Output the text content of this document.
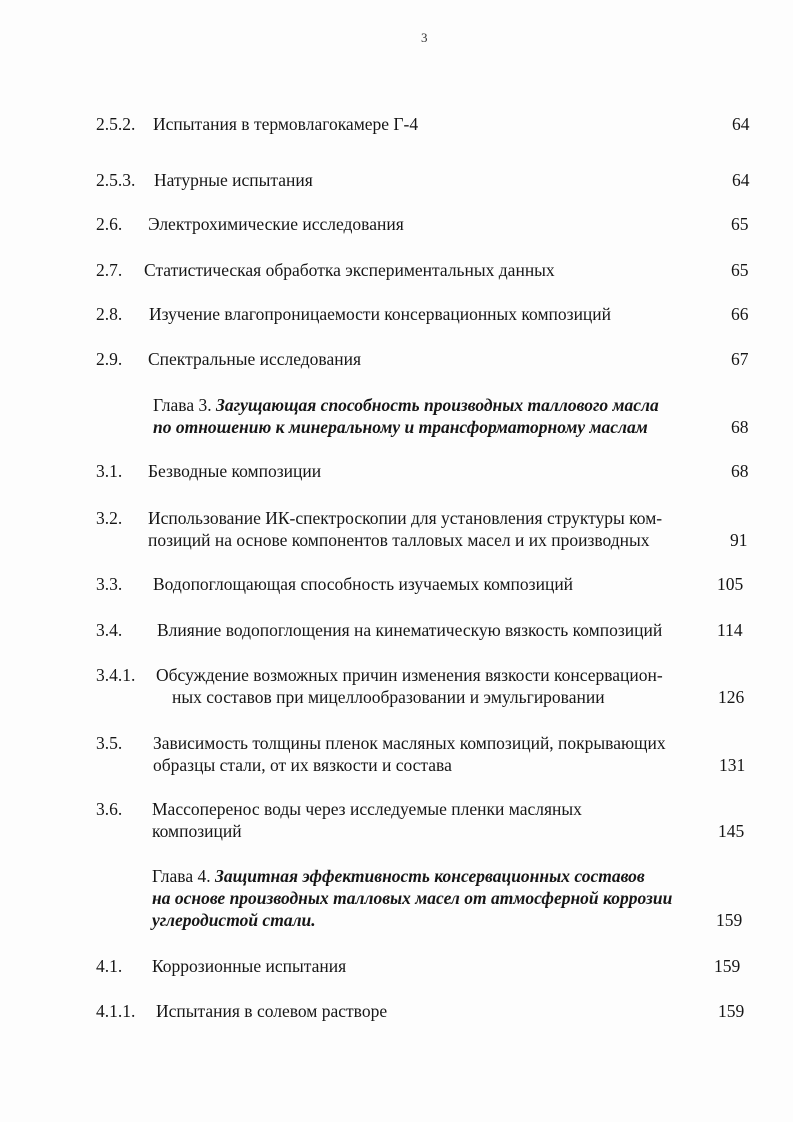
3
2.5.2. Испытания в термовлагокамере Г-4	64
2.5.3. Натурные испытания	64
2.6. Электрохимические исследования	65
2.7. Статистическая обработка экспериментальных данных	65
2.8. Изучение влагопроницаемости консервационных композиций	66
2.9. Спектральные исследования	67
Глава 3. Загущающая способность производных таллового масла
по отношению к минеральному и трансформаторному маслам	68
3.1. Безводные композиции	68
3.2. Использование ИК-спектроскопии для установления структуры ком-
позиций на основе компонентов талловых масел и их производных	91
3.3. Водопоглощающая способность изучаемых композиций	105
3.4. Влияние водопоглощения на кинематическую вязкость композиций	114
3.4.1. Обсуждение возможных причин изменения вязкости консервацион-
ных составов при мицеллообразовании и эмульгировании	126
3.5. Зависимость толщины пленок масляных композиций, покрывающих
образцы стали, от их вязкости и состава	131
3.6. Массоперенос воды через исследуемые пленки масляных
композиций	145
Глава 4. Защитная эффективность консервационных составов
на основе производных талловых масел от атмосферной коррозии
углеродистой стали.	159
4.1. Коррозионные испытания	159
4.1.1. Испытания в солевом растворе	159
